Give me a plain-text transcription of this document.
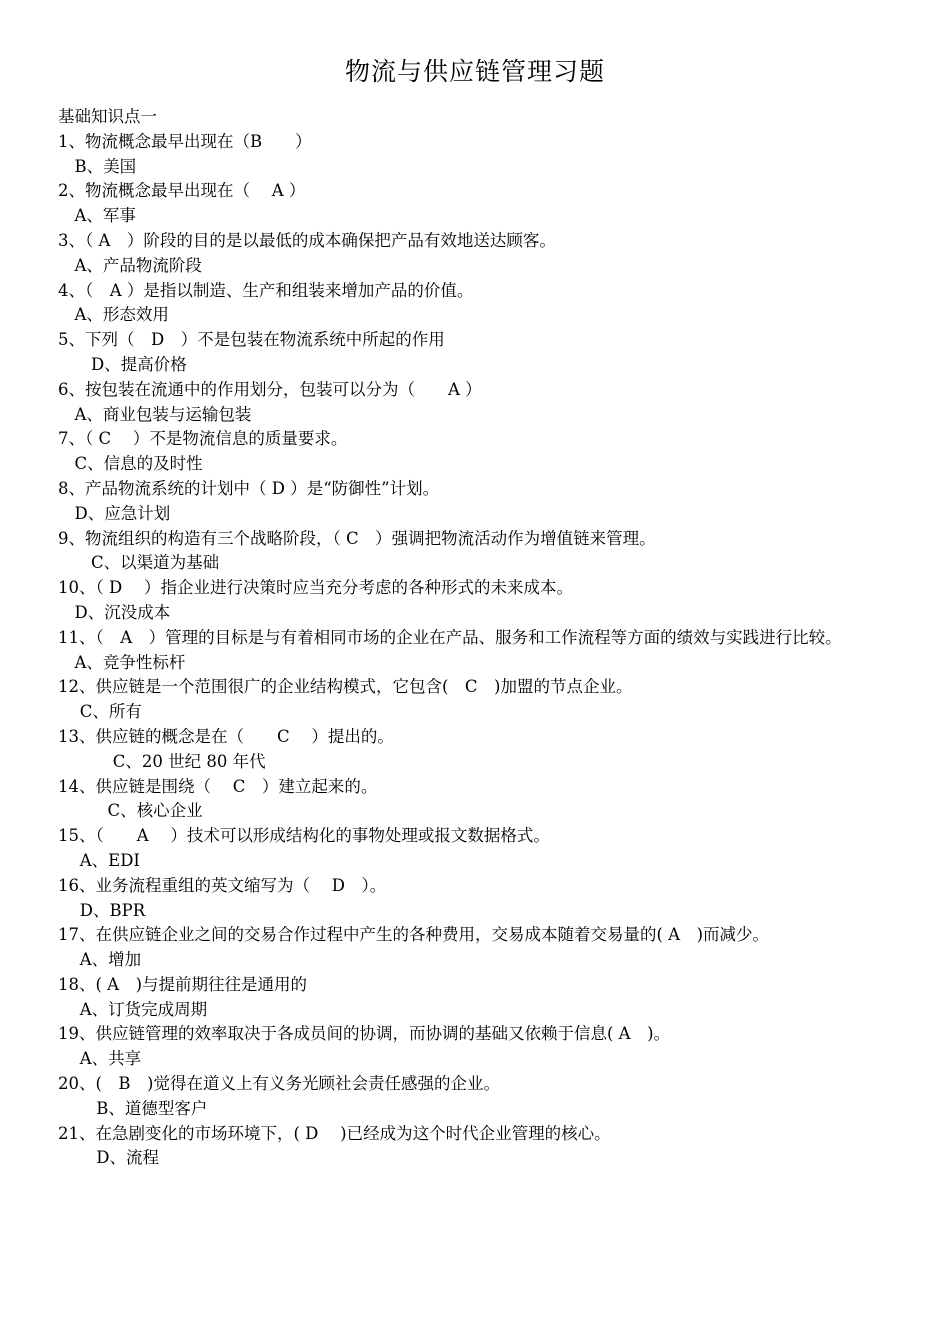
物流与供应链管理习题
基础知识点一
1、物流概念最早出现在（B　　）
　B、美国
2、物流概念最早出现在（　 A ）
　A、军事
3、（ A　）阶段的目的是以最低的成本确保把产品有效地送达顾客。
　A、产品物流阶段
4、（　A ）是指以制造、生产和组装来增加产品的价值。
　A、形态效用
5、下列（　D　）不是包装在物流系统中所起的作用
　　D、提高价格
6、按包装在流通中的作用划分，包装可以分为（　　A ）
　A、商业包装与运输包装
7、（ C　 ）不是物流信息的质量要求。
　C、信息的及时性
8、产品物流系统的计划中（ D ）是“防御性”计划。
　D、应急计划
9、物流组织的构造有三个战略阶段，（ C　）强调把物流活动作为增值链来管理。
　　C、以渠道为基础
10、（ D　 ）指企业进行决策时应当充分考虑的各种形式的未来成本。
　D、沉没成本
11、（　A　）管理的目标是与有着相同市场的企业在产品、服务和工作流程等方面的绩效与实践进行比较。
　A、竞争性标杆
12、供应链是一个范围很广的企业结构模式，它包含(　C　)加盟的节点企业。
　 C、所有
13、供应链的概念是在（　　C　 ）提出的。
　　　 C、20 世纪 80 年代
14、供应链是围绕（　 C　）建立起来的。
　　　C、核心企业
15、（　　A　 ）技术可以形成结构化的事物处理或报文数据格式。
　 A、EDI
16、业务流程重组的英文缩写为（　 D　）。
　 D、BPR
17、在供应链企业之间的交易合作过程中产生的各种费用，交易成本随着交易量的( A　)而减少。
　 A、增加
18、( A　)与提前期往往是通用的
　 A、订货完成周期
19、供应链管理的效率取决于各成员间的协调，而协调的基础又依赖于信息( A　)。
　 A、共享
20、(　B　)觉得在道义上有义务光顾社会责任感强的企业。
　　 B、道德型客户
21、在急剧变化的市场环境下，( D　 )已经成为这个时代企业管理的核心。
　　 D、流程
